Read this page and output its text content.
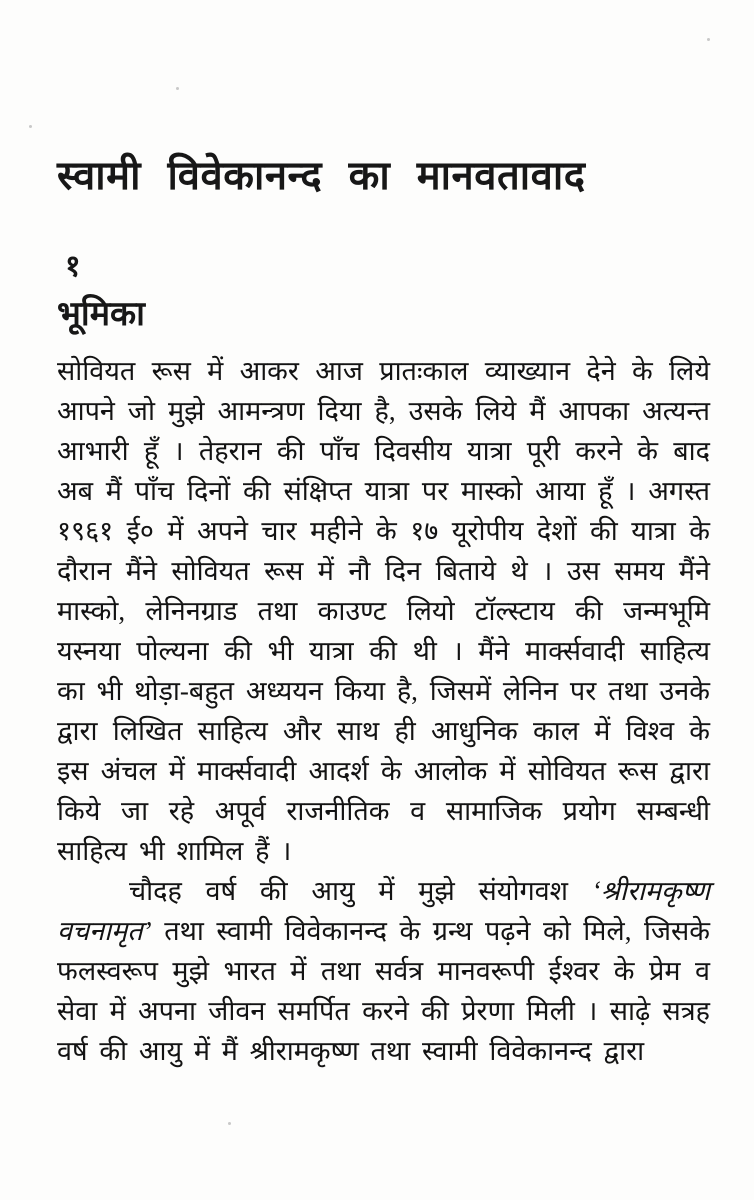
स्वामी विवेकानन्द का मानवतावाद
१
भूमिका

सोवियत रूस में आकर आज प्रातःकाल व्याख्यान देने के लिये आपने जो मुझे आमन्त्रण दिया है, उसके लिये मैं आपका अत्यन्त आभारी हूँ । तेहरान की पाँच दिवसीय यात्रा पूरी करने के बाद अब मैं पाँच दिनों की संक्षिप्त यात्रा पर मास्को आया हूँ । अगस्त १९६१ ई० में अपने चार महीने के १७ यूरोपीय देशों की यात्रा के दौरान मैंने सोवियत रूस में नौ दिन बिताये थे । उस समय मैंने मास्को, लेनिनग्राड तथा काउण्ट लियो टॉल्स्टाय की जन्मभूमि यस्नया पोल्यना की भी यात्रा की थी । मैंने मार्क्सवादी साहित्य का भी थोड़ा-बहुत अध्ययन किया है, जिसमें लेनिन पर तथा उनके द्वारा लिखित साहित्य और साथ ही आधुनिक काल में विश्व के इस अंचल में मार्क्सवादी आदर्श के आलोक में सोवियत रूस द्वारा किये जा रहे अपूर्व राजनीतिक व सामाजिक प्रयोग सम्बन्धी साहित्य भी शामिल हैं ।

चौदह वर्ष की आयु में मुझे संयोगवश ‘श्रीरामकृष्ण वचनामृत’ तथा स्वामी विवेकानन्द के ग्रन्थ पढ़ने को मिले, जिसके फलस्वरूप मुझे भारत में तथा सर्वत्र मानवरूपी ईश्वर के प्रेम व सेवा में अपना जीवन समर्पित करने की प्रेरणा मिली । साढ़े सत्रह वर्ष की आयु में मैं श्रीरामकृष्ण तथा स्वामी विवेकानन्द द्वारा
